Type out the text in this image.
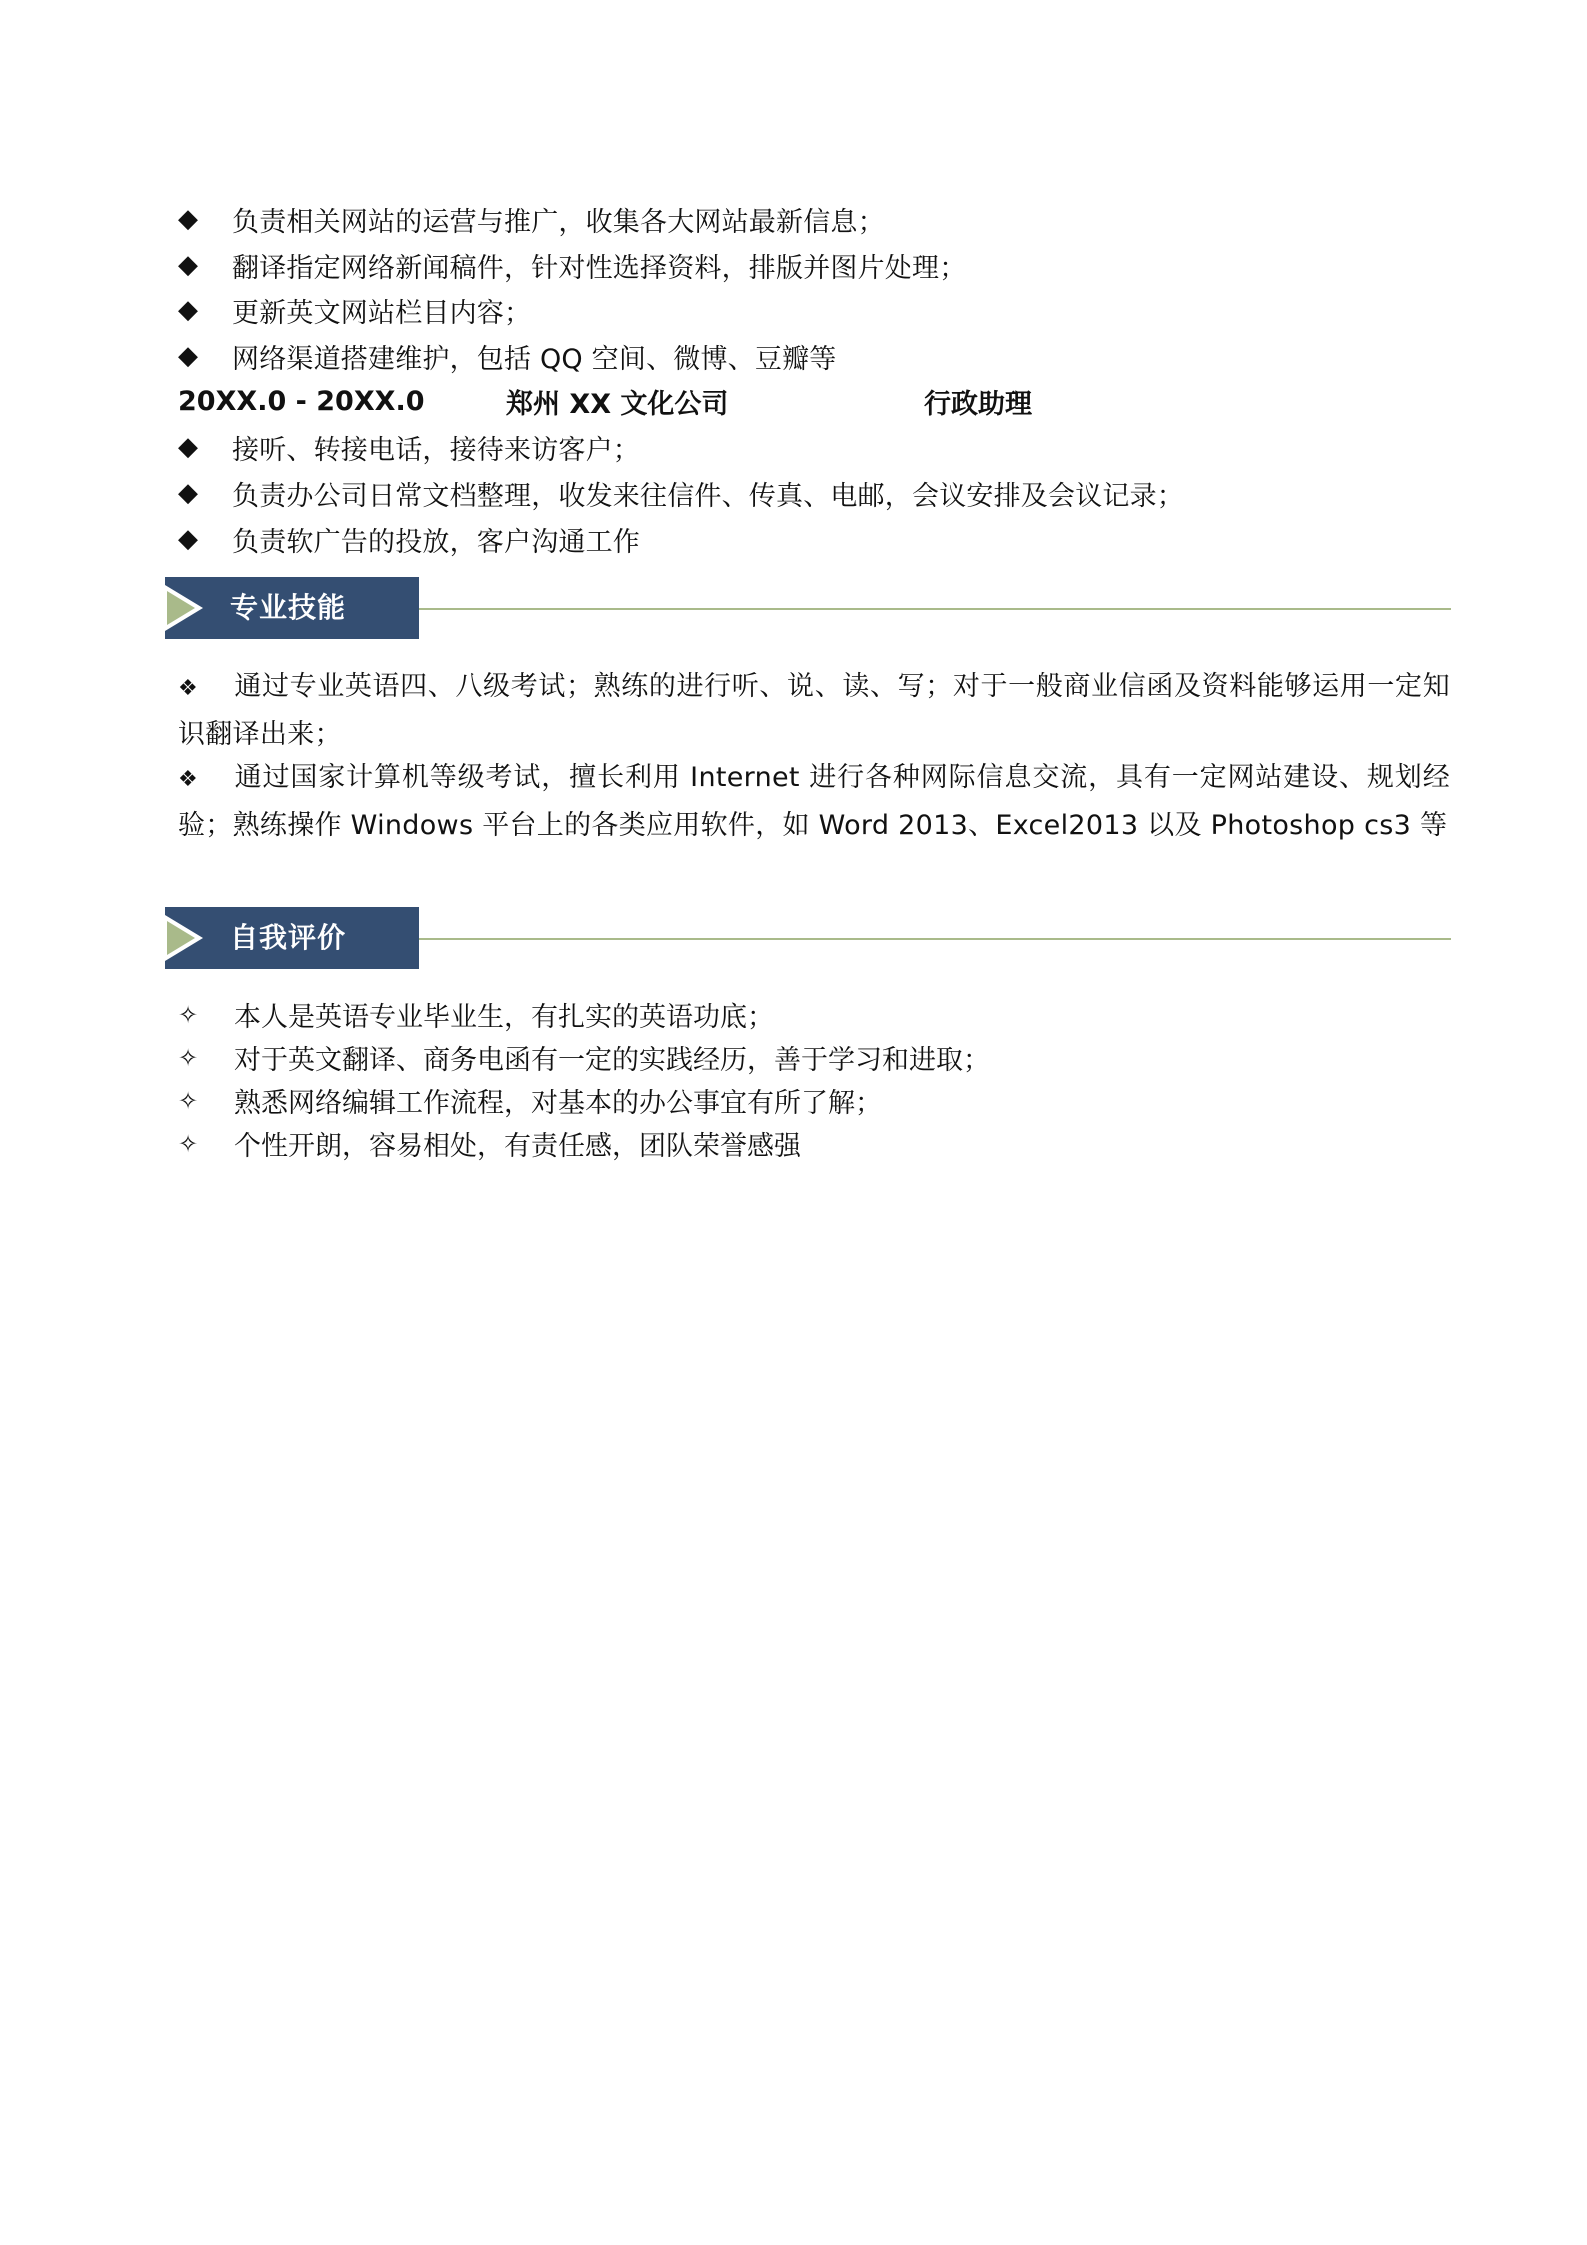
◆	负责相关网站的运营与推广，收集各大网站最新信息；
◆	翻译指定网络新闻稿件，针对性选择资料，排版并图片处理；
◆	更新英文网站栏目内容；
◆	网络渠道搭建维护，包括 QQ 空间、微博、豆瓣等
20XX.0 - 20XX.0	郑州 XX 文化公司	行政助理
◆	接听、转接电话，接待来访客户；
◆	负责办公司日常文档整理，收发来往信件、传真、电邮，会议安排及会议记录；
◆	负责软广告的投放，客户沟通工作
专业技能
❖ 通过专业英语四、八级考试；熟练的进行听、说、读、写；对于一般商业信函及资料能够运用一定知识翻译出来；
❖ 通过国家计算机等级考试，擅长利用 Internet 进行各种网际信息交流，具有一定网站建设、规划经验；熟练操作 Windows 平台上的各类应用软件，如 Word 2013、Excel2013 以及 Photoshop cs3 等
自我评价
✧	本人是英语专业毕业生，有扎实的英语功底；
✧	对于英文翻译、商务电函有一定的实践经历，善于学习和进取；
✧	熟悉网络编辑工作流程，对基本的办公事宜有所了解；
✧	个性开朗，容易相处，有责任感，团队荣誉感强
